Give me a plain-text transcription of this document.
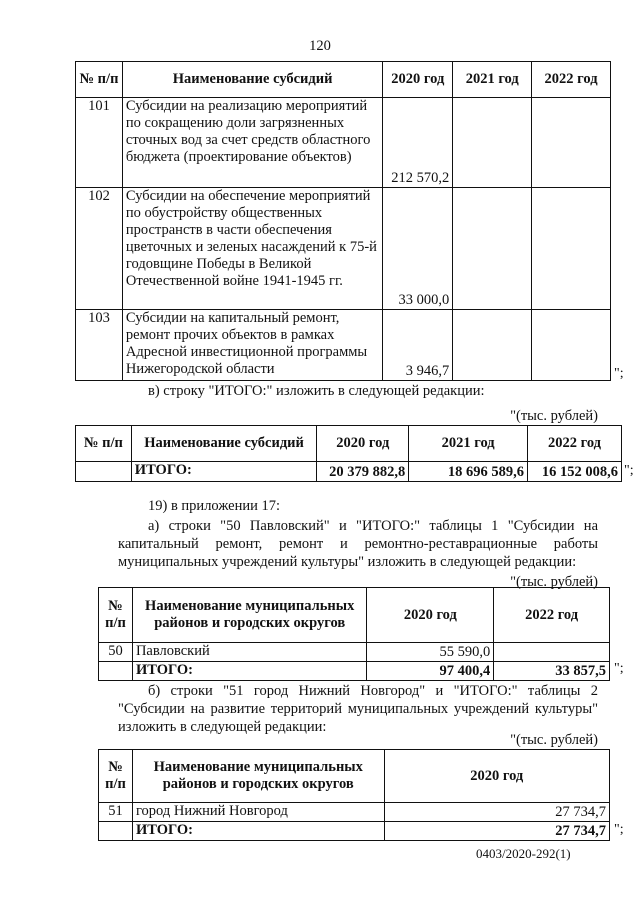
120
№ п/п	Наименование субсидий	2020 год	2021 год	2022 год
101	Субсидии на реализацию мероприятий по сокращению доли загрязненных сточных вод за счет средств областного бюджета (проектирование объектов)	212 570,2		
102	Субсидии на обеспечение мероприятий по обустройству общественных пространств в части обеспечения цветочных и зеленых насаждений к 75-й годовщине Победы в Великой Отечественной войне 1941-1945 гг.	33 000,0		
103	Субсидии на капитальный ремонт, ремонт прочих объектов в рамках Адресной инвестиционной программы Нижегородской области	3 946,7			";
в) строку "ИТОГО:" изложить в следующей редакции:
"(тыс. рублей)
№ п/п	Наименование субсидий	2020 год	2021 год	2022 год
	ИТОГО:	20 379 882,8	18 696 589,6	16 152 008,6 ";
19) в приложении 17:
а) строки "50 Павловский" и "ИТОГО:" таблицы 1 "Субсидии на капитальный ремонт, ремонт и ремонтно-реставрационные работы муниципальных учреждений культуры" изложить в следующей редакции:
"(тыс. рублей)
№ п/п	Наименование муниципальных районов и городских округов	2020 год	2022 год
50	Павловский	55 590,0	
	ИТОГО:	97 400,4	33 857,5 ";
б) строки "51 город Нижний Новгород" и "ИТОГО:" таблицы 2 "Субсидии на развитие территорий муниципальных учреждений культуры" изложить в следующей редакции:
"(тыс. рублей)
№ п/п	Наименование муниципальных районов и городских округов	2020 год
51	город Нижний Новгород	27 734,7
	ИТОГО:	27 734,7 ";
0403/2020-292(1)
